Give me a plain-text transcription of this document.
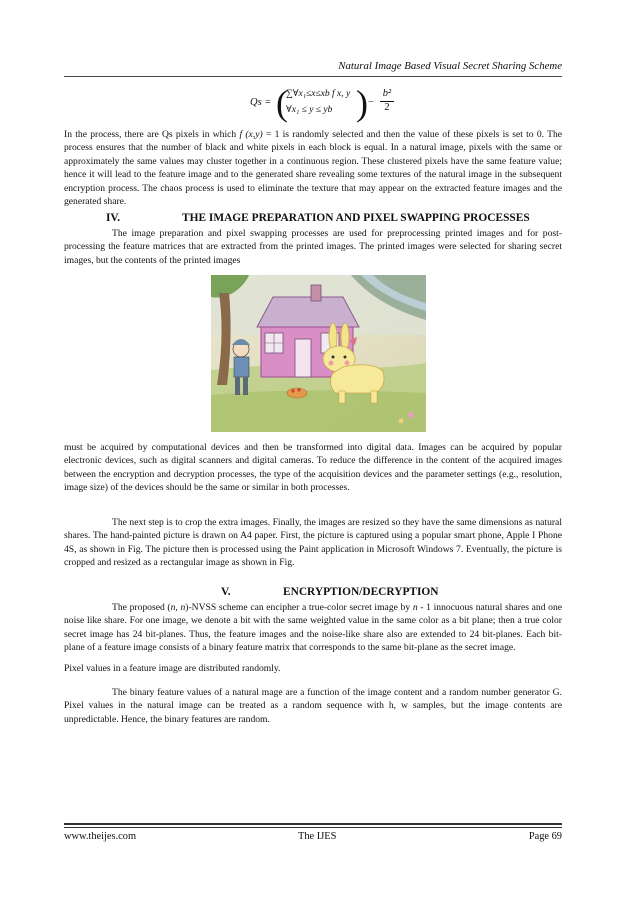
Natural Image Based Visual Secret Sharing Scheme
Qs = (
∑∀x₁≤x≤xb f x, y
∀x₁ ≤ y ≤ yb ) − $\frac{\text{b²}}{2}$

In the process, there are Qs pixels in which f (x,y) = 1 is randomly selected and then the value of these pixels is set to 0. The process ensures that the number of black and white pixels in each block is equal. In a natural image, pixels with the same or approximately the same values may cluster together in a continuous region. These clustered pixels have the same feature value; hence it will lead to the feature image and to the generated share revealing some textures of the natural image in the subsequent encryption process. The chaos process is used to eliminate the texture that may appear on the extracted feature images and the generated share.

IV.	THE IMAGE PREPARATION AND PIXEL SWAPPING PROCESSES

The image preparation and pixel swapping processes are used for preprocessing printed images and for post-processing the feature matrices that are extracted from the printed images. The printed images were selected for sharing secret images, but the contents of the printed images

must be acquired by computational devices and then be transformed into digital data. Images can be acquired by popular electronic devices, such as digital scanners and digital cameras. To reduce the difference in the content of the acquired images between the encryption and decryption processes, the type of the acquisition devices and the parameter settings (e.g., resolution, image size) of the devices should be the same or similar in both processes.

The next step is to crop the extra images. Finally, the images are resized so they have the same dimensions as natural shares. The hand-painted picture is drawn on A4 paper. First, the picture is captured using a popular smart phone, Apple I Phone 4S, as shown in Fig. The picture then is processed using the Paint application in Microsoft Windows 7. Eventually, the picture is cropped and resized as a rectangular image as shown in Fig.

V.	ENCRYPTION/DECRYPTION

The proposed (n, n)-NVSS scheme can encipher a true-color secret image by n - 1 innocuous natural shares and one noise like share. For one image, we denote a bit with the same weighted value in the same color as a bit plane; then a true color secret image has 24 bit-planes. Thus, the feature images and the noise-like share also are extended to 24 bit-planes. Each bit-plane of a feature image consists of a binary feature matrix that corresponds to the same bit-plane as the secret image.

Pixel values in a feature image are distributed randomly.

The binary feature values of a natural mage are a function of the image content and a random number generator G. Pixel values in the natural image can be treated as a random sequence with h, w samples, but the image contents are unpredictable. Hence, the binary features are random.

www.theijes.com	The IJES	Page 69
